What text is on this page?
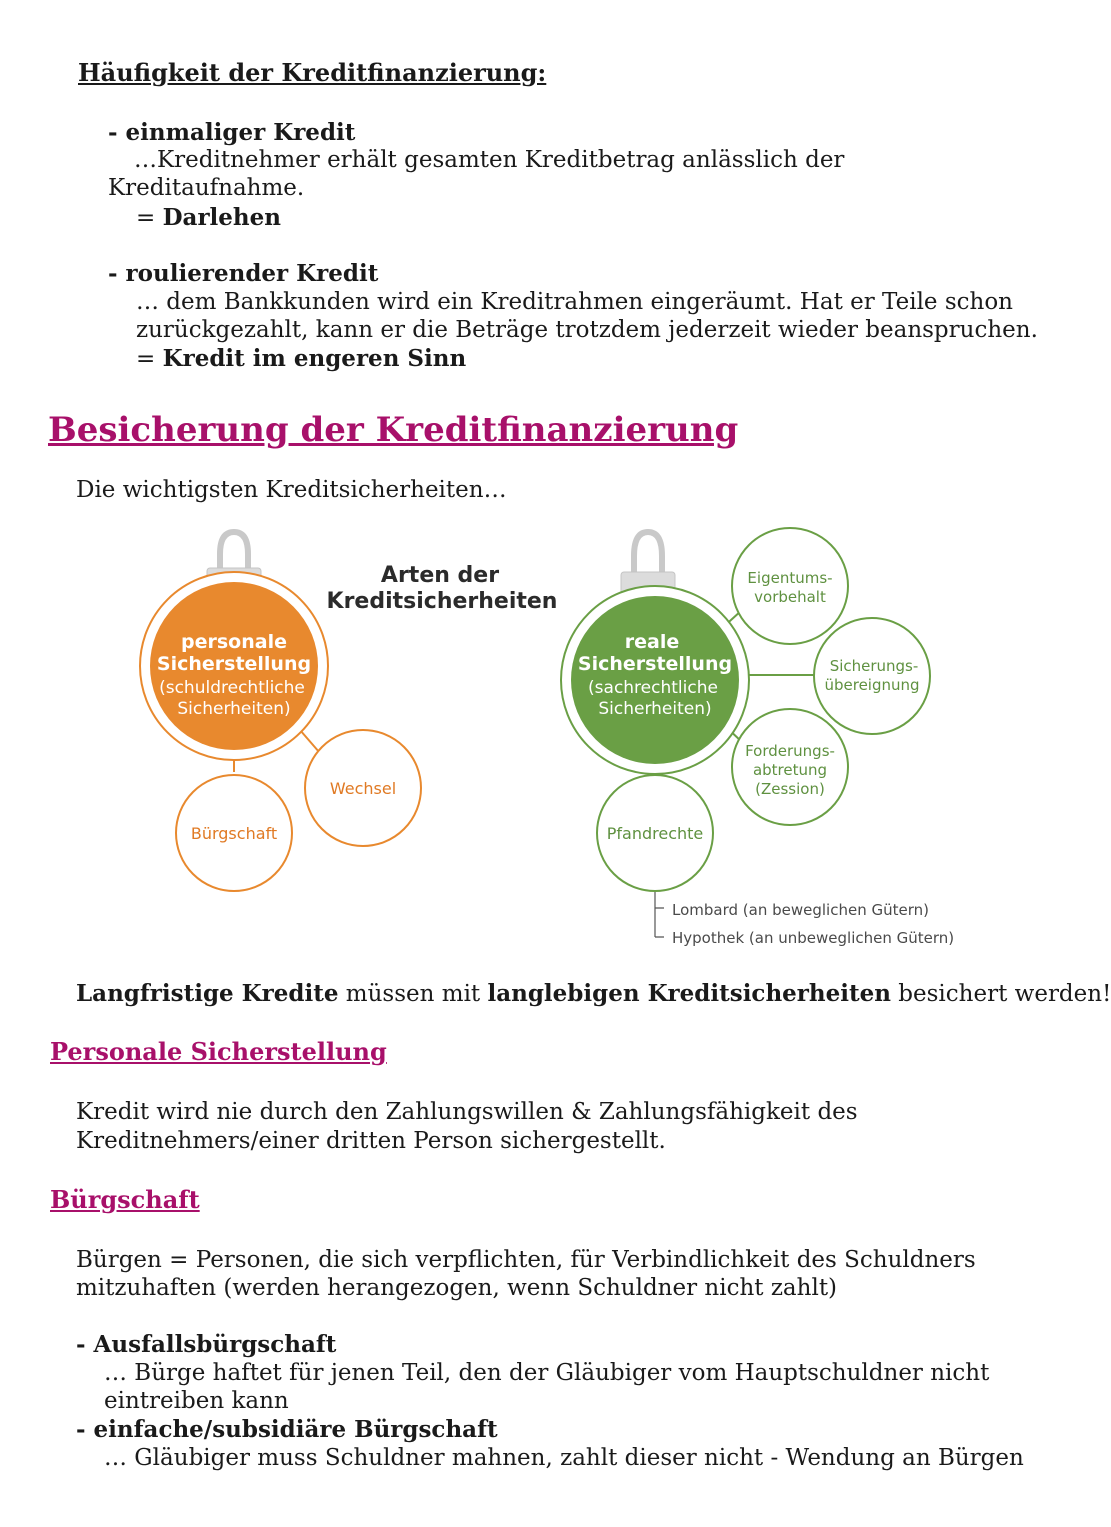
Häufigkeit der Kreditfinanzierung:
- einmaliger Kredit
…Kreditnehmer erhält gesamten Kreditbetrag anlässlich der
Kreditaufnahme.
= Darlehen
- roulierender Kredit
… dem Bankkunden wird ein Kreditrahmen eingeräumt. Hat er Teile schon
zurückgezahlt, kann er die Beträge trotzdem jederzeit wieder beanspruchen.
= Kredit im engeren Sinn
Besicherung der Kreditfinanzierung
Die wichtigsten Kreditsicherheiten…
personale
Sicherstellung
(schuldrechtliche
Sicherheiten)
Bürgschaft
Wechsel
Arten der
Kreditsicherheiten
reale
Sicherstellung
(sachrechtliche
Sicherheiten)
Eigentums-
vorbehalt
Sicherungs-
übereignung
Forderungs-
abtretung
(Zession)
Pfandrechte
Lombard (an beweglichen Gütern)
Hypothek (an unbeweglichen Gütern)
Langfristige Kredite müssen mit langlebigen Kreditsicherheiten besichert werden!
Personale Sicherstellung
Kredit wird nie durch den Zahlungswillen & Zahlungsfähigkeit des
Kreditnehmers/einer dritten Person sichergestellt.
Bürgschaft
Bürgen = Personen, die sich verpflichten, für Verbindlichkeit des Schuldners
mitzuhaften (werden herangezogen, wenn Schuldner nicht zahlt)
- Ausfallsbürgschaft
… Bürge haftet für jenen Teil, den der Gläubiger vom Hauptschuldner nicht
eintreiben kann
- einfache/subsidiäre Bürgschaft
… Gläubiger muss Schuldner mahnen, zahlt dieser nicht - Wendung an Bürgen
